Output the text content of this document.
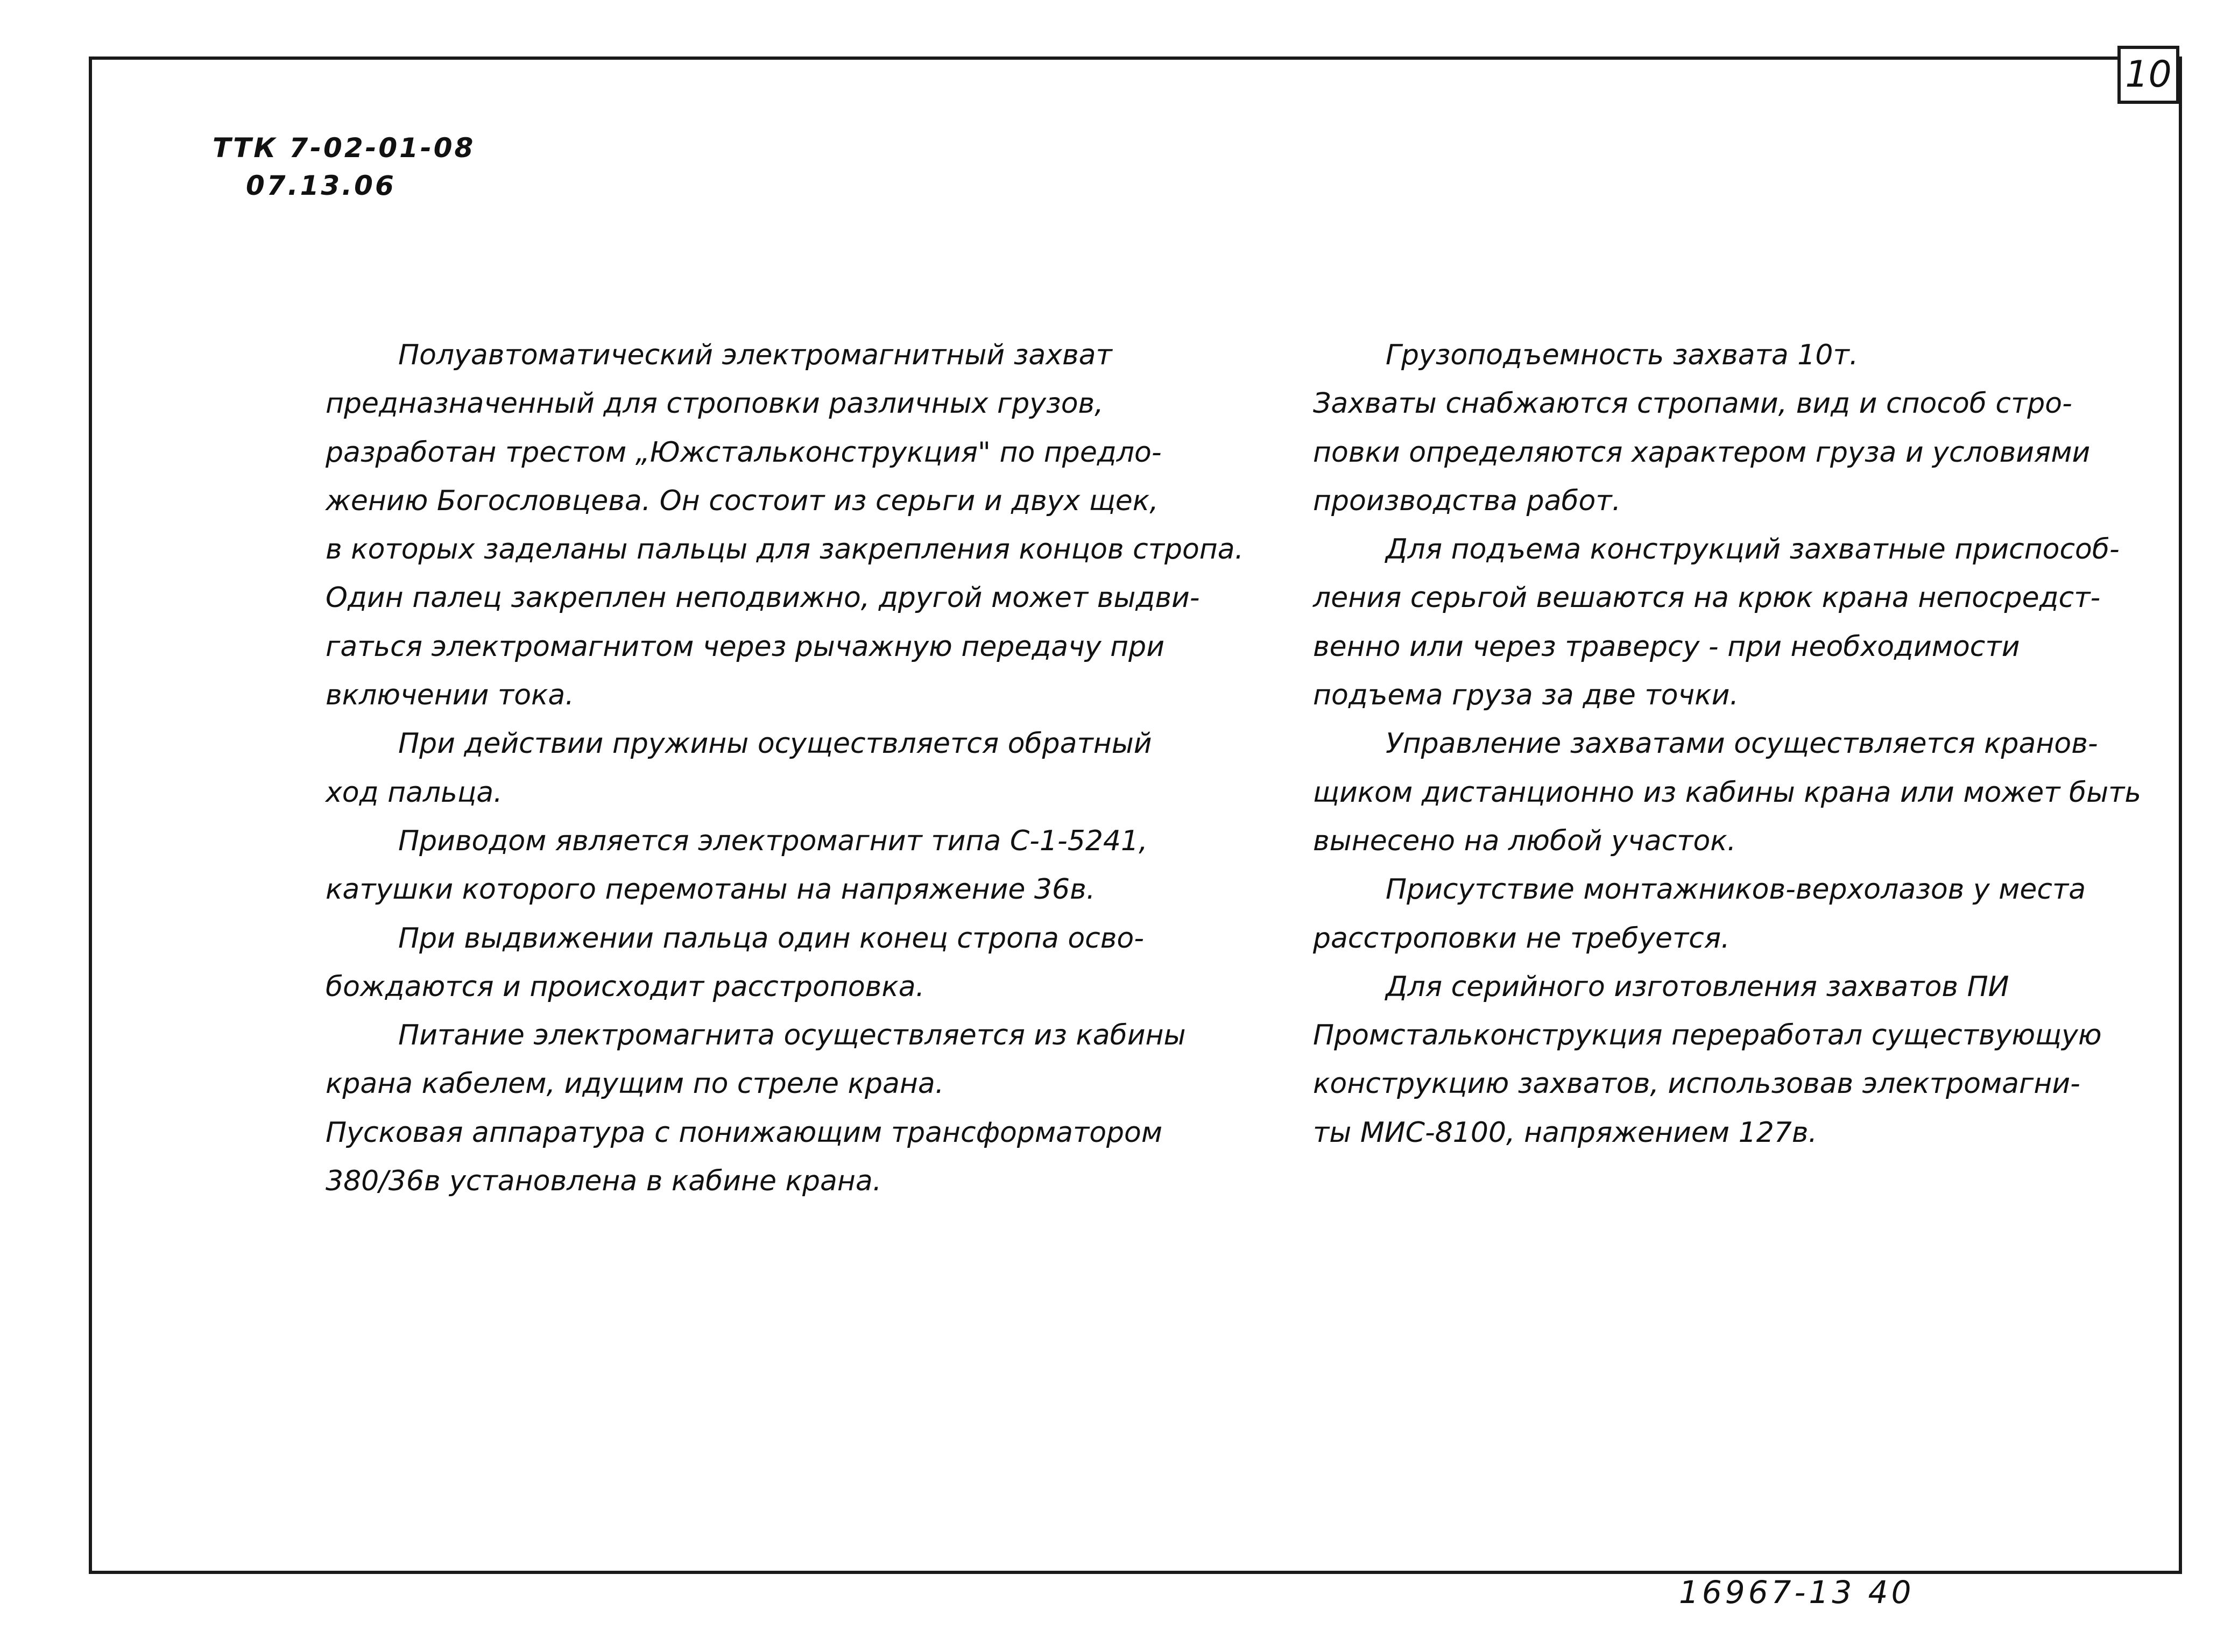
10
ТТК 7-02-01-08
07.13.06
Полуавтоматический электромагнитный захват
предназначенный для строповки различных грузов,
разработан трестом „Южстальконструкция" по предло-
жению Богословцева. Он состоит из серьги и двух щек,
в которых заделаны пальцы для закрепления концов стропа.
Один палец закреплен неподвижно, другой может выдви-
гаться электромагнитом через рычажную передачу при
включении тока.
При действии пружины осуществляется обратный
ход пальца.
Приводом является электромагнит типа С-1-5241,
катушки которого перемотаны на напряжение 36в.
При выдвижении пальца один конец стропа осво-
бождаются и происходит расстроповка.
Питание электромагнита осуществляется из кабины
крана кабелем, идущим по стреле крана.
Пусковая аппаратура с понижающим трансформатором
380/36в установлена в кабине крана.
Грузоподъемность захвата 10т.
Захваты снабжаются стропами, вид и способ стро-
повки определяются характером груза и условиями
производства работ.
Для подъема конструкций захватные приспособ-
ления серьгой вешаются на крюк крана непосредст-
венно или через траверсу - при необходимости
подъема груза за две точки.
Управление захватами осуществляется кранов-
щиком дистанционно из кабины крана или может быть
вынесено на любой участок.
Присутствие монтажников-верхолазов у места
расстроповки не требуется.
Для серийного изготовления захватов ПИ
Промстальконструкция переработал существующую
конструкцию захватов, использовав электромагни-
ты МИС-8100, напряжением 127в.
16967-13 40
